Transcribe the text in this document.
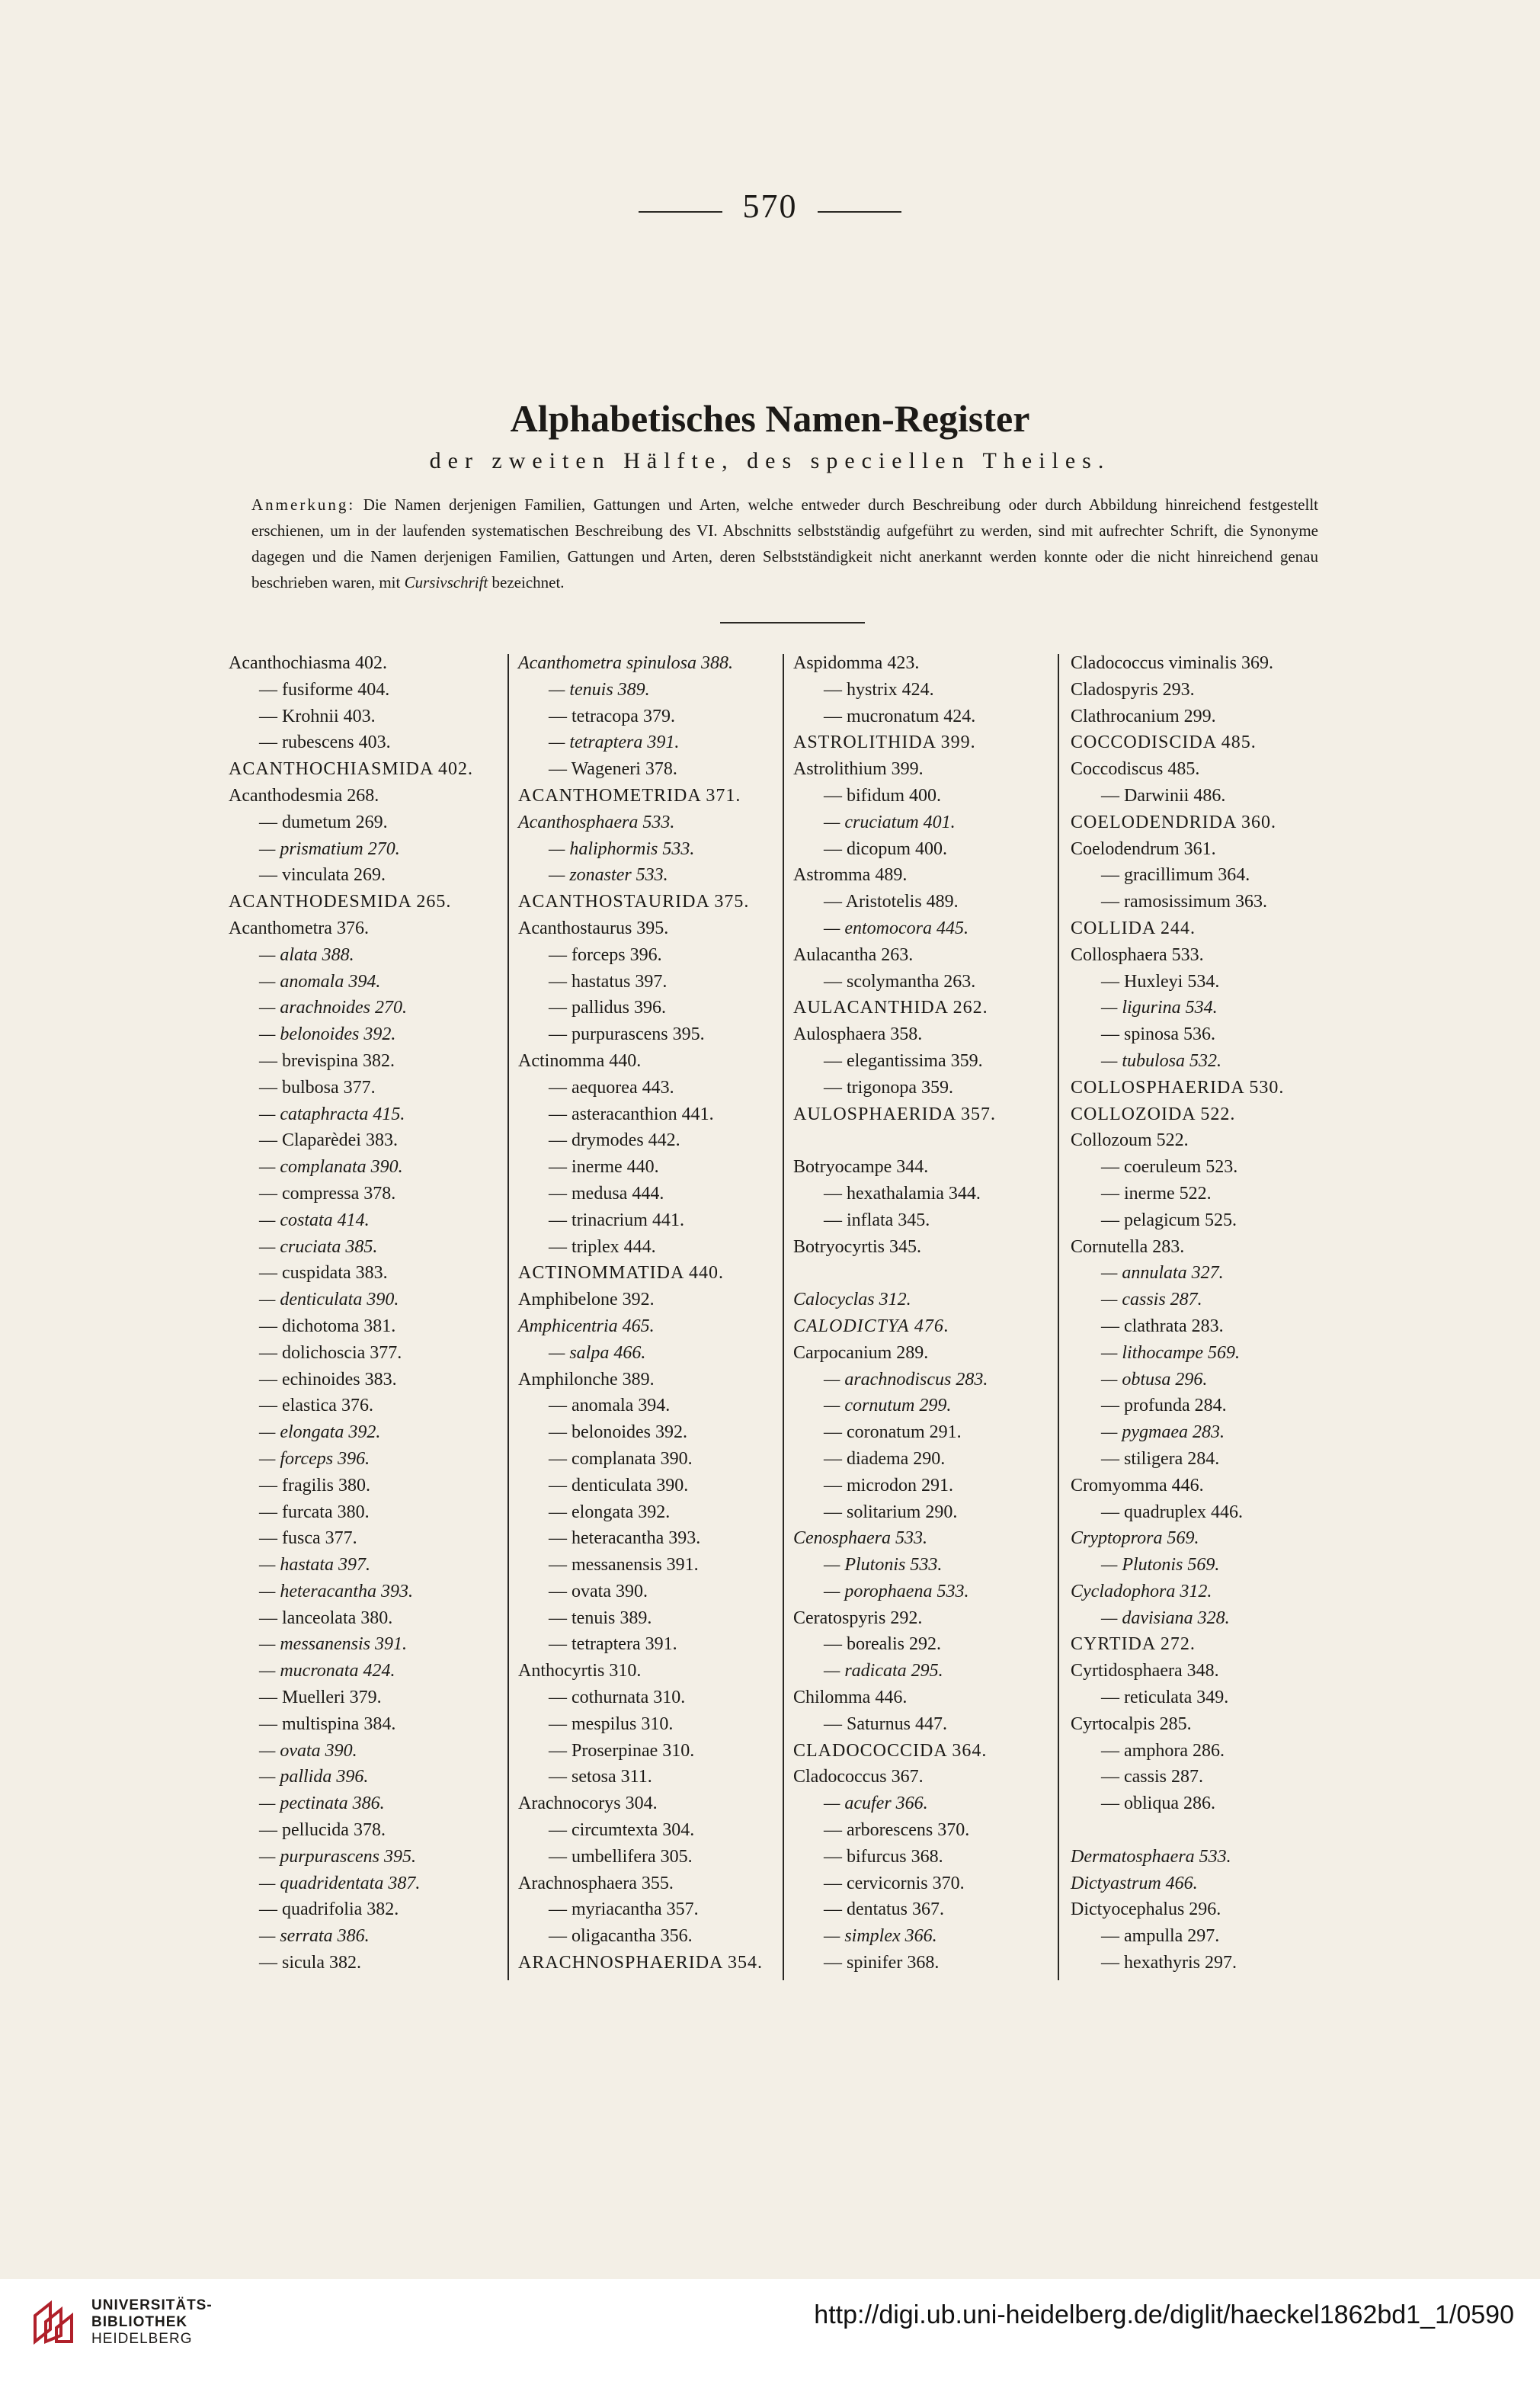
570
Alphabetisches Namen-Register
der zweiten Hälfte, des speciellen Theiles.
Anmerkung: Die Namen derjenigen Familien, Gattungen und Arten, welche entweder durch Beschreibung oder durch Abbildung hinreichend festgestellt erschienen, um in der laufenden systematischen Beschreibung des VI. Abschnitts selbstständig aufgeführt zu werden, sind mit aufrechter Schrift, die Synonyme dagegen und die Namen derjenigen Familien, Gattungen und Arten, deren Selbstständigkeit nicht anerkannt werden konnte oder die nicht hinreichend genau beschrieben waren, mit Cursivschrift bezeichnet.
Acanthochiasma 402.
— fusiforme 404.
— Krohnii 403.
— rubescens 403.
ACANTHOCHIASMIDA 402.
Acanthodesmia 268.
— dumetum 269.
— prismatium 270.
— vinculata 269.
ACANTHODESMIDA 265.
Acanthometra 376.
— alata 388.
— anomala 394.
— arachnoides 270.
— belonoides 392.
— brevispina 382.
— bulbosa 377.
— cataphracta 415.
— Claparèdei 383.
— complanata 390.
— compressa 378.
— costata 414.
— cruciata 385.
— cuspidata 383.
— denticulata 390.
— dichotoma 381.
— dolichoscia 377.
— echinoides 383.
— elastica 376.
— elongata 392.
— forceps 396.
— fragilis 380.
— furcata 380.
— fusca 377.
— hastata 397.
— heteracantha 393.
— lanceolata 380.
— messanensis 391.
— mucronata 424.
— Muelleri 379.
— multispina 384.
— ovata 390.
— pallida 396.
— pectinata 386.
— pellucida 378.
— purpurascens 395.
— quadridentata 387.
— quadrifolia 382.
— serrata 386.
— sicula 382.
Acanthometra spinulosa 388.
— tenuis 389.
— tetracopa 379.
— tetraptera 391.
— Wageneri 378.
ACANTHOMETRIDA 371.
Acanthosphaera 533.
— haliphormis 533.
— zonaster 533.
ACANTHOSTAURIDA 375.
Acanthostaurus 395.
— forceps 396.
— hastatus 397.
— pallidus 396.
— purpurascens 395.
Actinomma 440.
— aequorea 443.
— asteracanthion 441.
— drymodes 442.
— inerme 440.
— medusa 444.
— trinacrium 441.
— triplex 444.
ACTINOMMATIDA 440.
Amphibelone 392.
Amphicentria 465.
— salpa 466.
Amphilonche 389.
— anomala 394.
— belonoides 392.
— complanata 390.
— denticulata 390.
— elongata 392.
— heteracantha 393.
— messanensis 391.
— ovata 390.
— tenuis 389.
— tetraptera 391.
Anthocyrtis 310.
— cothurnata 310.
— mespilus 310.
— Proserpinae 310.
— setosa 311.
Arachnocorys 304.
— circumtexta 304.
— umbellifera 305.
Arachnosphaera 355.
— myriacantha 357.
— oligacantha 356.
ARACHNOSPHAERIDA 354.
Aspidomma 423.
— hystrix 424.
— mucronatum 424.
ASTROLITHIDA 399.
Astrolithium 399.
— bifidum 400.
— cruciatum 401.
— dicopum 400.
Astromma 489.
— Aristotelis 489.
— entomocora 445.
Aulacantha 263.
— scolymantha 263.
AULACANTHIDA 262.
Aulosphaera 358.
— elegantissima 359.
— trigonopa 359.
AULOSPHAERIDA 357.
Botryocampe 344.
— hexathalamia 344.
— inflata 345.
Botryocyrtis 345.
Calocyclas 312.
CALODICTYA 476.
Carpocanium 289.
— arachnodiscus 283.
— cornutum 299.
— coronatum 291.
— diadema 290.
— microdon 291.
— solitarium 290.
Cenosphaera 533.
— Plutonis 533.
— porophaena 533.
Ceratospyris 292.
— borealis 292.
— radicata 295.
Chilomma 446.
— Saturnus 447.
CLADOCOCCIDA 364.
Cladococcus 367.
— acufer 366.
— arborescens 370.
— bifurcus 368.
— cervicornis 370.
— dentatus 367.
— simplex 366.
— spinifer 368.
Cladococcus viminalis 369.
Cladospyris 293.
Clathrocanium 299.
COCCODISCIDA 485.
Coccodiscus 485.
— Darwinii 486.
COELODENDRIDA 360.
Coelodendrum 361.
— gracillimum 364.
— ramosissimum 363.
COLLIDA 244.
Collosphaera 533.
— Huxleyi 534.
— ligurina 534.
— spinosa 536.
— tubulosa 532.
COLLOSPHAERIDA 530.
COLLOZOIDA 522.
Collozoum 522.
— coeruleum 523.
— inerme 522.
— pelagicum 525.
Cornutella 283.
— annulata 327.
— cassis 287.
— clathrata 283.
— lithocampe 569.
— obtusa 296.
— profunda 284.
— pygmaea 283.
— stiligera 284.
Cromyomma 446.
— quadruplex 446.
Cryptoprora 569.
— Plutonis 569.
Cycladophora 312.
— davisiana 328.
CYRTIDA 272.
Cyrtidosphaera 348.
— reticulata 349.
Cyrtocalpis 285.
— amphora 286.
— cassis 287.
— obliqua 286.
Dermatosphaera 533.
Dictyastrum 466.
Dictyocephalus 296.
— ampulla 297.
— hexathyris 297.
UNIVERSITÄTS-
BIBLIOTHEK
HEIDELBERG
http://digi.ub.uni-heidelberg.de/diglit/haeckel1862bd1_1/0590
